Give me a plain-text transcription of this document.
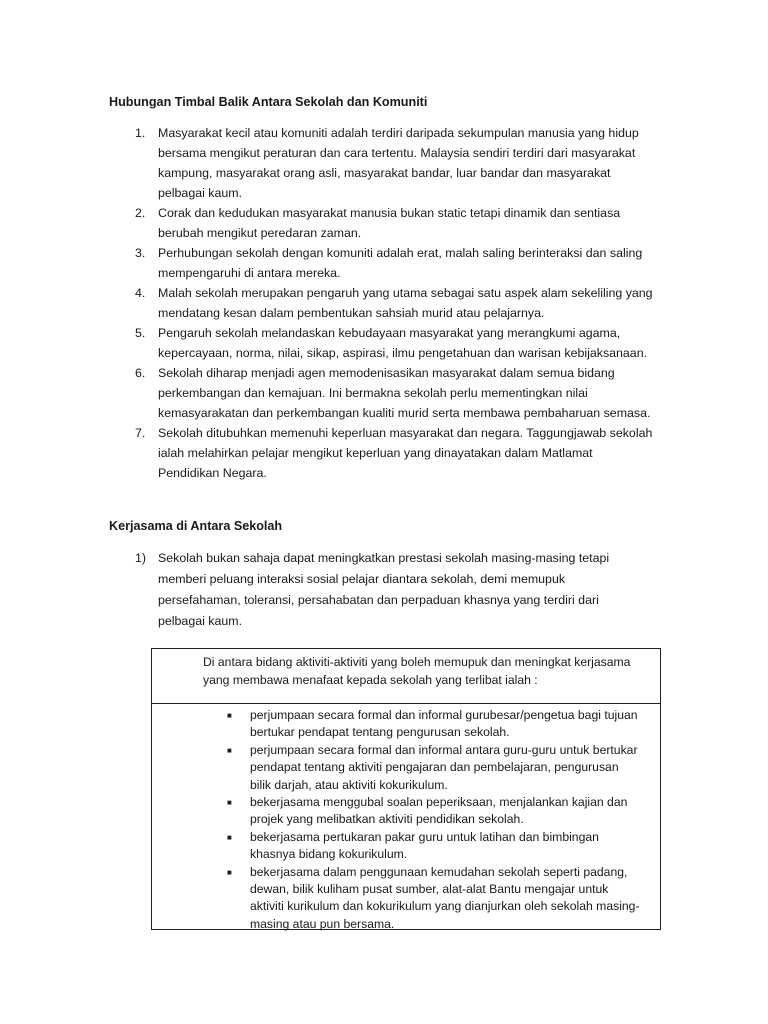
Hubungan Timbal Balik Antara Sekolah dan Komuniti
1. Masyarakat kecil atau komuniti adalah terdiri daripada sekumpulan manusia yang hidup bersama mengikut peraturan dan cara tertentu. Malaysia sendiri terdiri dari masyarakat kampung, masyarakat orang asli, masyarakat bandar, luar bandar dan masyarakat pelbagai kaum.
2. Corak dan kedudukan masyarakat manusia bukan static tetapi dinamik dan sentiasa berubah mengikut peredaran zaman.
3. Perhubungan sekolah dengan komuniti adalah erat, malah saling berinteraksi dan saling mempengaruhi di antara mereka.
4. Malah sekolah merupakan pengaruh yang utama sebagai satu aspek alam sekeliling yang mendatang kesan dalam pembentukan sahsiah murid atau pelajarnya.
5. Pengaruh sekolah melandaskan kebudayaan masyarakat yang merangkumi agama, kepercayaan, norma, nilai, sikap, aspirasi, ilmu pengetahuan dan warisan kebijaksanaan.
6. Sekolah diharap menjadi agen memodenisasikan masyarakat dalam semua bidang perkembangan dan kemajuan. Ini bermakna sekolah perlu mementingkan nilai kemasyarakatan dan perkembangan kualiti murid serta membawa pembaharuan semasa.
7. Sekolah ditubuhkan memenuhi keperluan masyarakat dan negara. Taggungjawab sekolah ialah melahirkan pelajar mengikut keperluan yang dinayatakan dalam Matlamat Pendidikan Negara.
Kerjasama di Antara Sekolah
1) Sekolah bukan sahaja dapat meningkatkan prestasi sekolah masing-masing tetapi memberi peluang interaksi sosial pelajar diantara sekolah, demi memupuk persefahaman, toleransi, persahabatan dan perpaduan khasnya yang terdiri dari pelbagai kaum.
Di antara bidang aktiviti-aktiviti yang boleh memupuk dan meningkat kerjasama yang membawa menafaat kepada sekolah yang terlibat ialah :
■ perjumpaan secara formal dan informal gurubesar/pengetua bagi tujuan bertukar pendapat tentang pengurusan sekolah.
■ perjumpaan secara formal dan informal antara guru-guru untuk bertukar pendapat tentang aktiviti pengajaran dan pembelajaran, pengurusan bilik darjah, atau aktiviti kokurikulum.
■ bekerjasama menggubal soalan peperiksaan, menjalankan kajian dan projek yang melibatkan aktiviti pendidikan sekolah.
■ bekerjasama pertukaran pakar guru untuk latihan dan bimbingan khasnya bidang kokurikulum.
■ bekerjasama dalam penggunaan kemudahan sekolah seperti padang, dewan, bilik kuliham pusat sumber, alat-alat Bantu mengajar untuk aktiviti kurikulum dan kokurikulum yang dianjurkan oleh sekolah masing-masing atau pun bersama.
